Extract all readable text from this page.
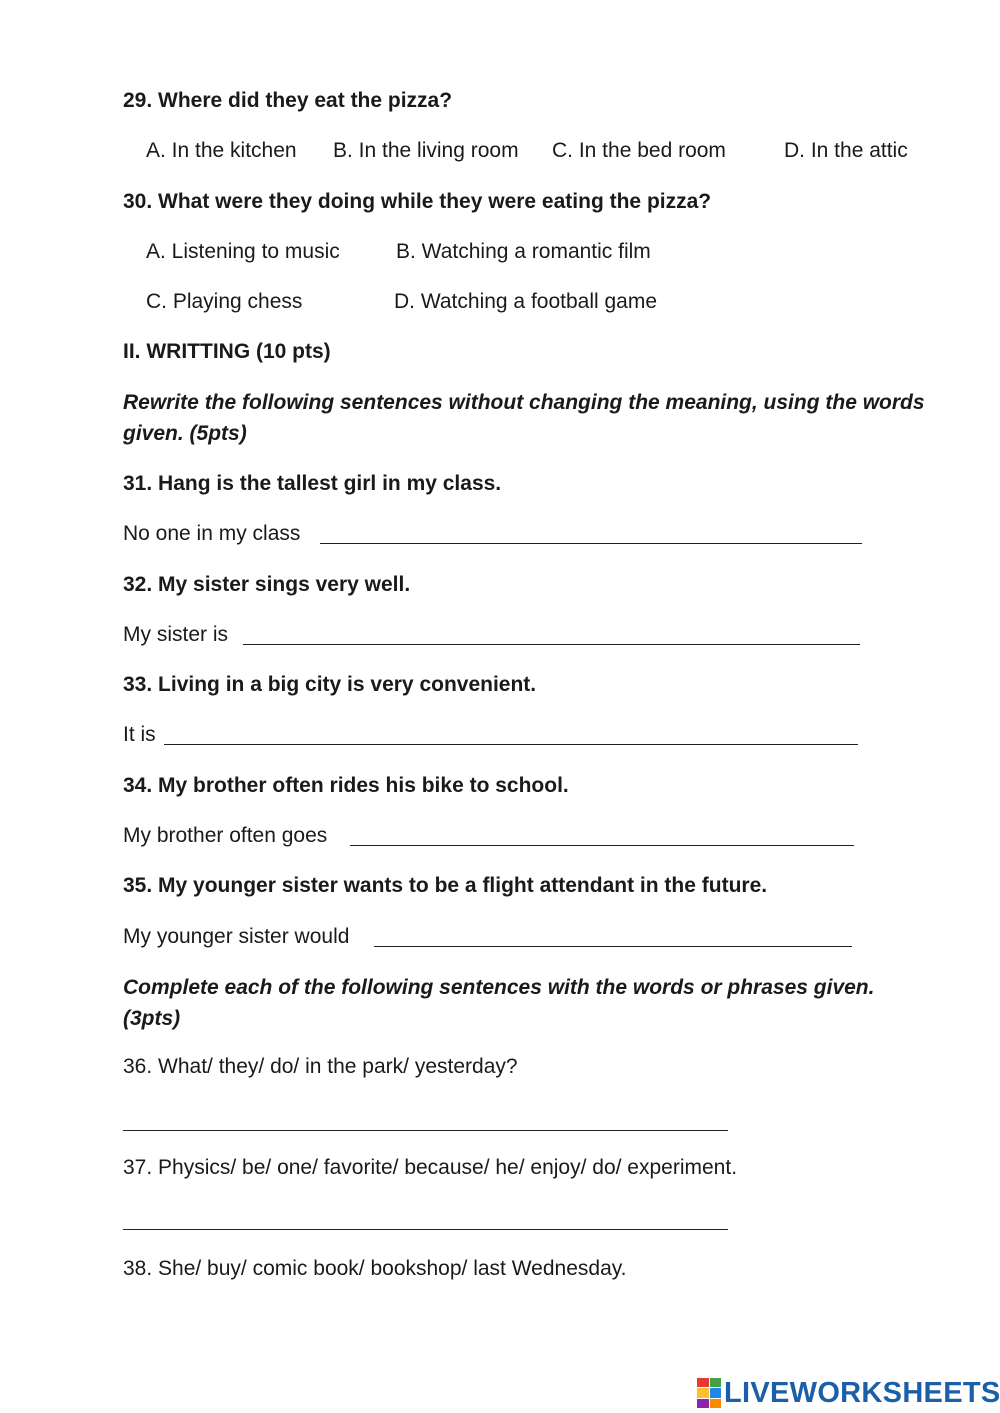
29. Where did they eat the pizza?
A. In the kitchen B. In the living room C. In the bed room	D. In the attic
30. What were they doing while they were eating the pizza?
A. Listening to music	B. Watching a romantic film
C. Playing chess	D. Watching a football game
II. WRITTING (10 pts)
Rewrite the following sentences without changing the meaning, using the words given. (5pts)
31. Hang is the tallest girl in my class.
No one in my class
32. My sister sings very well.
My sister is
33. Living in a big city is very convenient.
It is
34. My brother often rides his bike to school.
My brother often goes
35. My younger sister wants to be a flight attendant in the future.
My younger sister would
Complete each of the following sentences with the words or phrases given. (3pts)
36. What/ they/ do/ in the park/ yesterday?
37. Physics/ be/ one/ favorite/ because/ he/ enjoy/ do/ experiment.
38. She/ buy/ comic book/ bookshop/ last Wednesday.
LIVEWORKSHEETS
